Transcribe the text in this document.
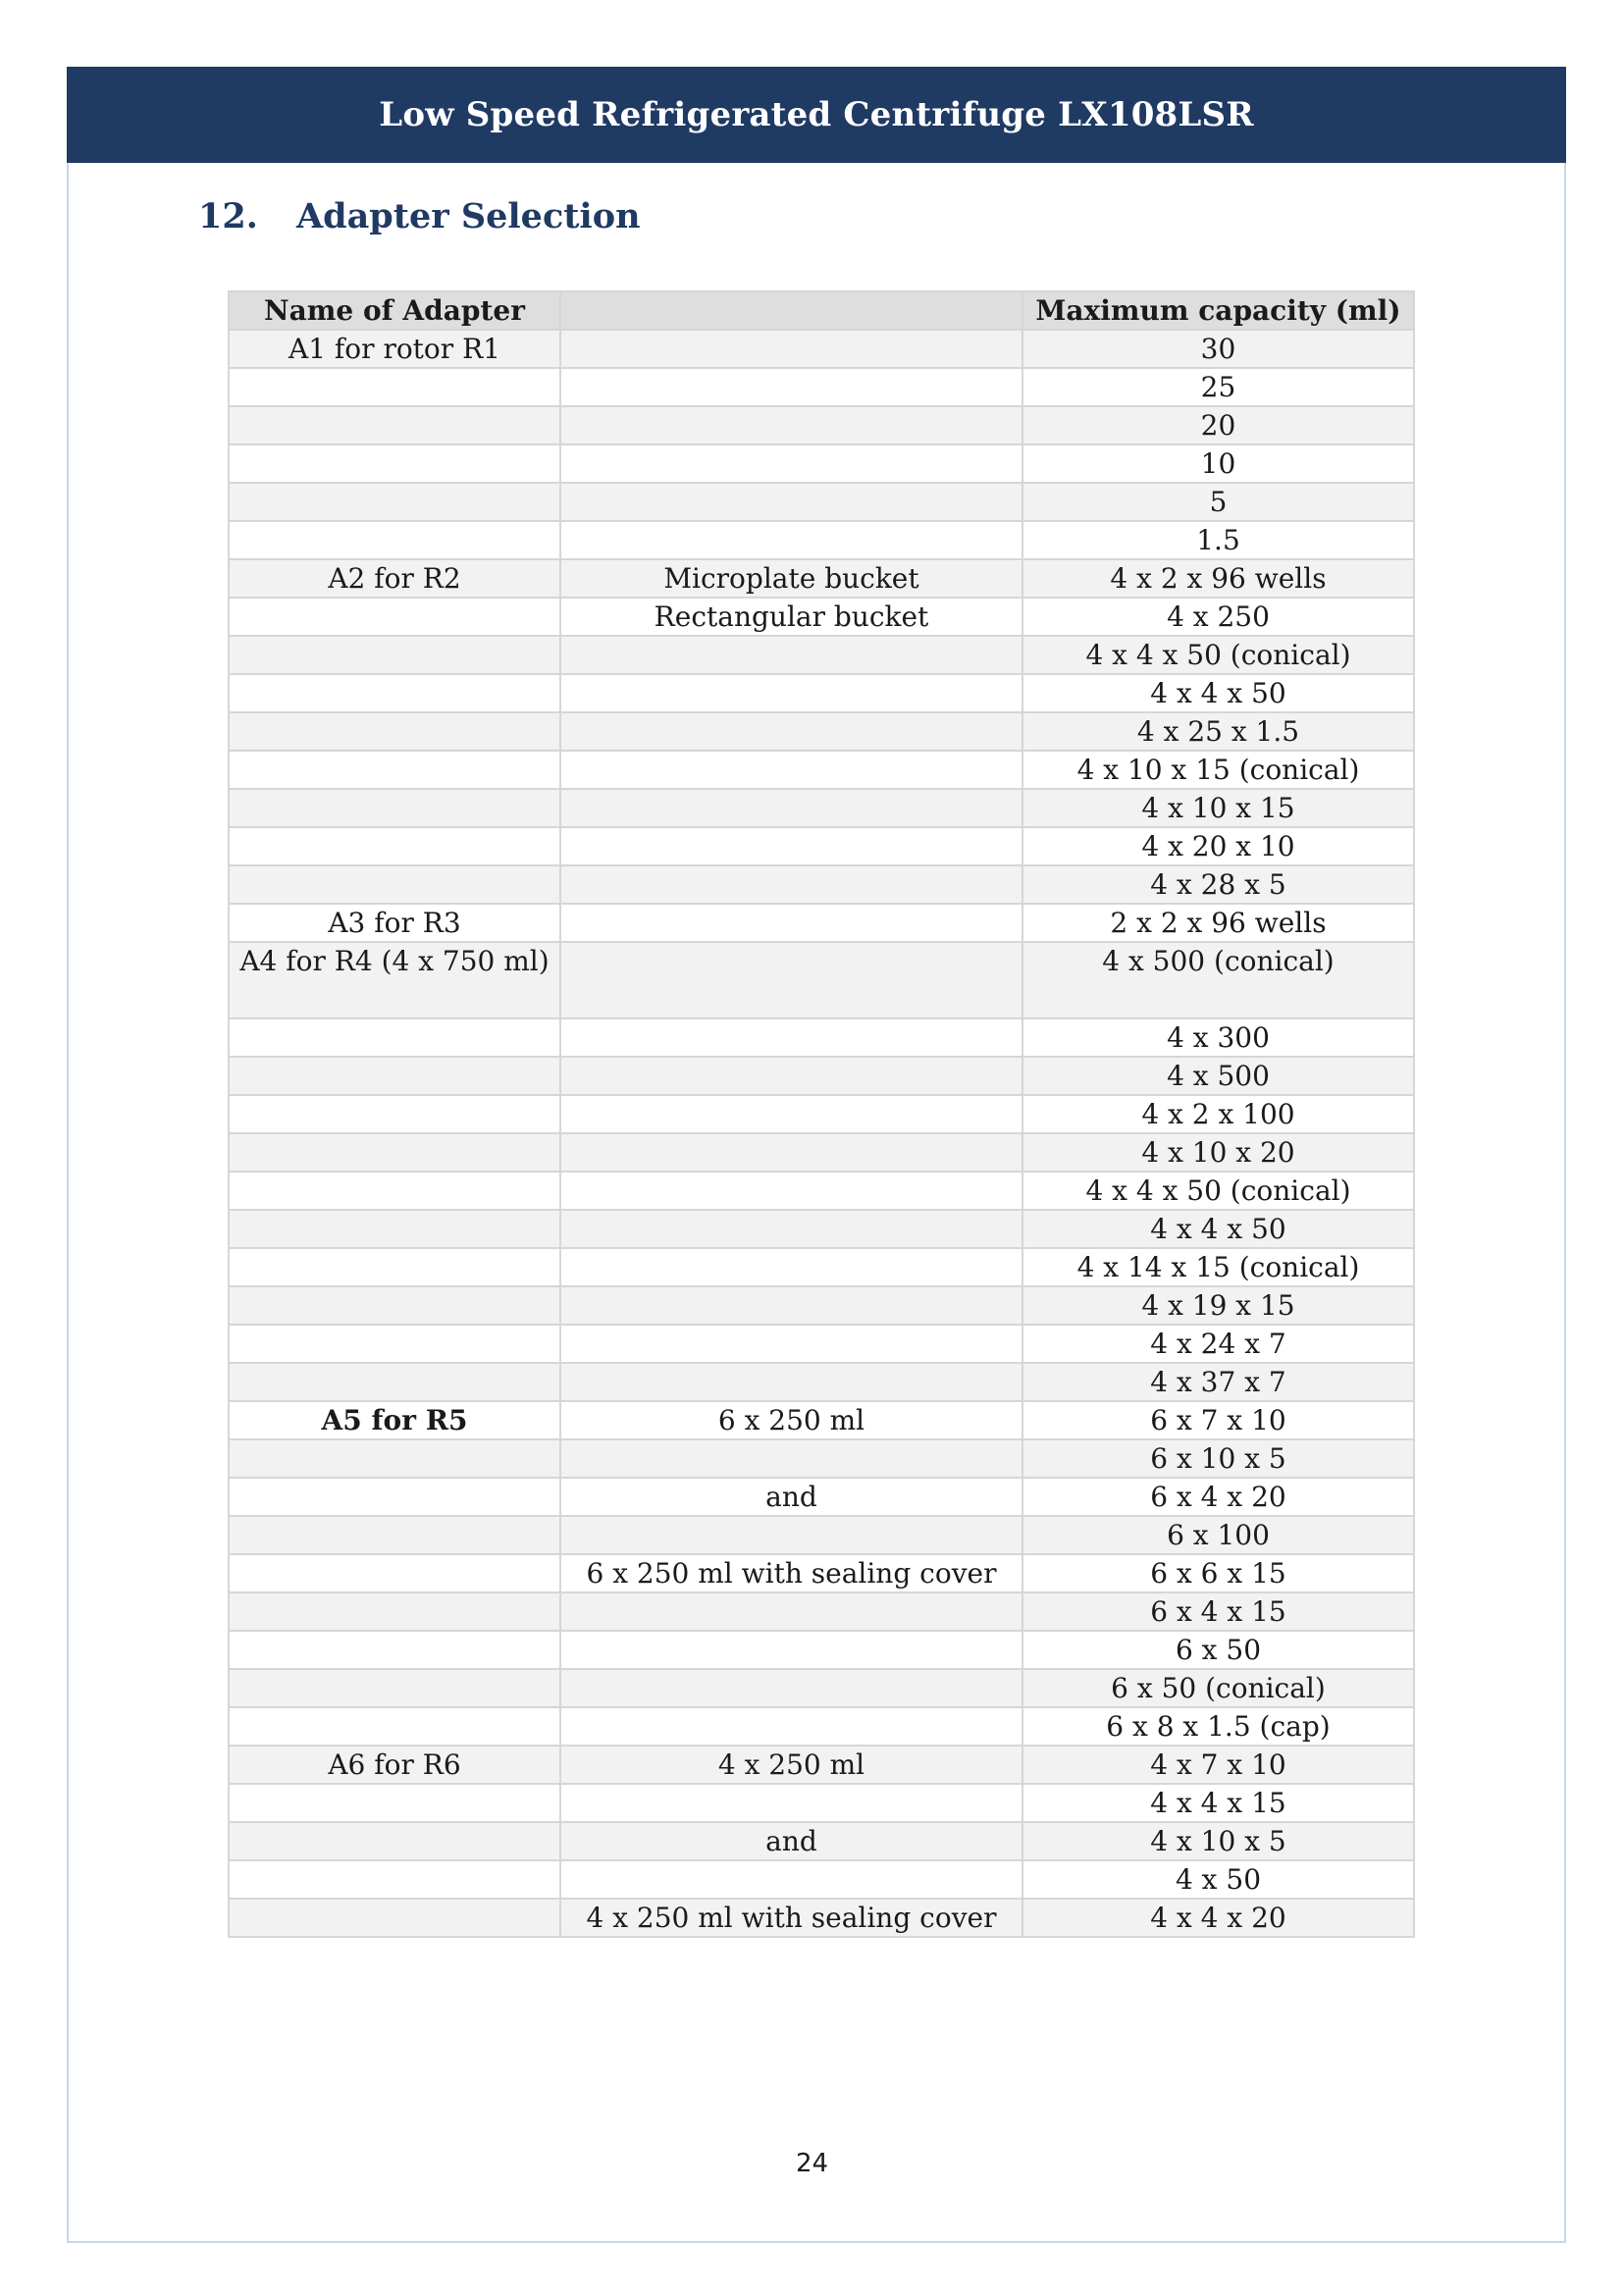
Low Speed Refrigerated Centrifuge LX108LSR
12.	Adapter Selection
Name of Adapter		Maximum capacity (ml)
A1 for rotor R1		30
		25
		20
		10
		5
		1.5
A2 for R2	Microplate bucket	4 x 2 x 96 wells
	Rectangular bucket	4 x 250
		4 x 4 x 50 (conical)
		4 x 4 x 50
		4 x 25 x 1.5
		4 x 10 x 15 (conical)
		4 x 10 x 15
		4 x 20 x 10
		4 x 28 x 5
A3 for R3		2 x 2 x 96 wells
A4 for R4 (4 x 750 ml)		4 x 500 (conical)
		4 x 300
		4 x 500
		4 x 2 x 100
		4 x 10 x 20
		4 x 4 x 50 (conical)
		4 x 4 x 50
		4 x 14 x 15 (conical)
		4 x 19 x 15
		4 x 24 x 7
		4 x 37 x 7
A5 for R5	6 x 250 ml	6 x 7 x 10
		6 x 10 x 5
	and	6 x 4 x 20
		6 x 100
	6 x 250 ml with sealing cover	6 x 6 x 15
		6 x 4 x 15
		6 x 50
		6 x 50 (conical)
		6 x 8 x 1.5 (cap)
A6 for R6	4 x 250 ml	4 x 7 x 10
		4 x 4 x 15
	and	4 x 10 x 5
		4 x 50
	4 x 250 ml with sealing cover	4 x 4 x 20
24
